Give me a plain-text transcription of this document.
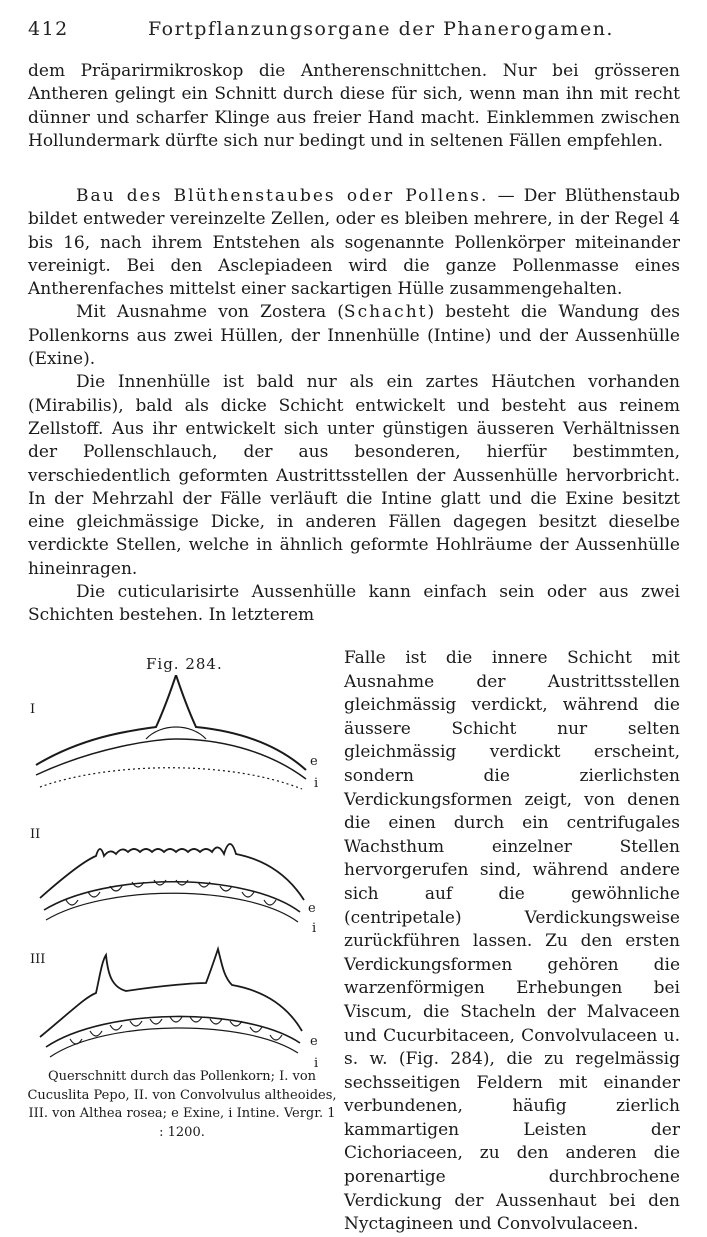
412	Fortpflanzungsorgane der Phanerogamen.

dem Präparirmikroskop die Antherenschnittchen. Nur bei grösseren Antheren gelingt ein Schnitt durch diese für sich, wenn man ihn mit recht dünner und scharfer Klinge aus freier Hand macht. Einklemmen zwischen Hollundermark dürfte sich nur bedingt und in seltenen Fällen empfehlen.

Bau des Blüthenstaubes oder Pollens. — Der Blüthenstaub bildet entweder vereinzelte Zellen, oder es bleiben mehrere, in der Regel 4 bis 16, nach ihrem Entstehen als sogenannte Pollenkörper miteinander vereinigt. Bei den Asclepiadeen wird die ganze Pollenmasse eines Antherenfaches mittelst einer sackartigen Hülle zusammengehalten.

Mit Ausnahme von Zostera (Schacht) besteht die Wandung des Pollenkorns aus zwei Hüllen, der Innenhülle (Intine) und der Aussenhülle (Exine).

Die Innenhülle ist bald nur als ein zartes Häutchen vorhanden (Mirabilis), bald als dicke Schicht entwickelt und besteht aus reinem Zellstoff. Aus ihr entwickelt sich unter günstigen äusseren Verhältnissen der Pollenschlauch, der aus besonderen, hierfür bestimmten, verschiedentlich geformten Austrittsstellen der Aussenhülle hervorbricht. In der Mehrzahl der Fälle verläuft die Intine glatt und die Exine besitzt eine gleichmässige Dicke, in anderen Fällen dagegen besitzt dieselbe verdickte Stellen, welche in ähnlich geformte Hohlräume der Aussenhülle hineinragen.

Die cuticularisirte Aussenhülle kann einfach sein oder aus zwei Schichten bestehen. In letzterem

Falle ist die innere Schicht mit Ausnahme der Austrittsstellen gleichmässig verdickt, während die äussere Schicht nur selten gleichmässig verdickt erscheint, sondern die zierlichsten Verdickungsformen zeigt, von denen die einen durch ein centrifugales Wachsthum einzelner Stellen hervorgerufen sind, während andere sich auf die gewöhnliche (centripetale) Verdickungsweise zurückführen lassen. Zu den ersten Verdickungsformen gehören die warzenförmigen Erhebungen bei Viscum, die Stacheln der Malvaceen und Cucurbitaceen, Convolvulaceen u. s. w. (Fig. 284), die zu regelmässig sechsseitigen Feldern mit einander verbundenen, häufig zierlich kammartigen Leisten der Cichoriaceen, zu den anderen die porenartige durchbrochene Verdickung der Aussenhaut bei den Nyctagineen und Convolvulaceen.
Fig. 284.
I
e
i
II
e
i
III
e
i
Querschnitt durch das Pollenkorn; I. von Cucuslita Pepo, II. von Convolvulus altheoides, III. von Althea rosea; e Exine, i Intine. Vergr. 1 : 1200.
